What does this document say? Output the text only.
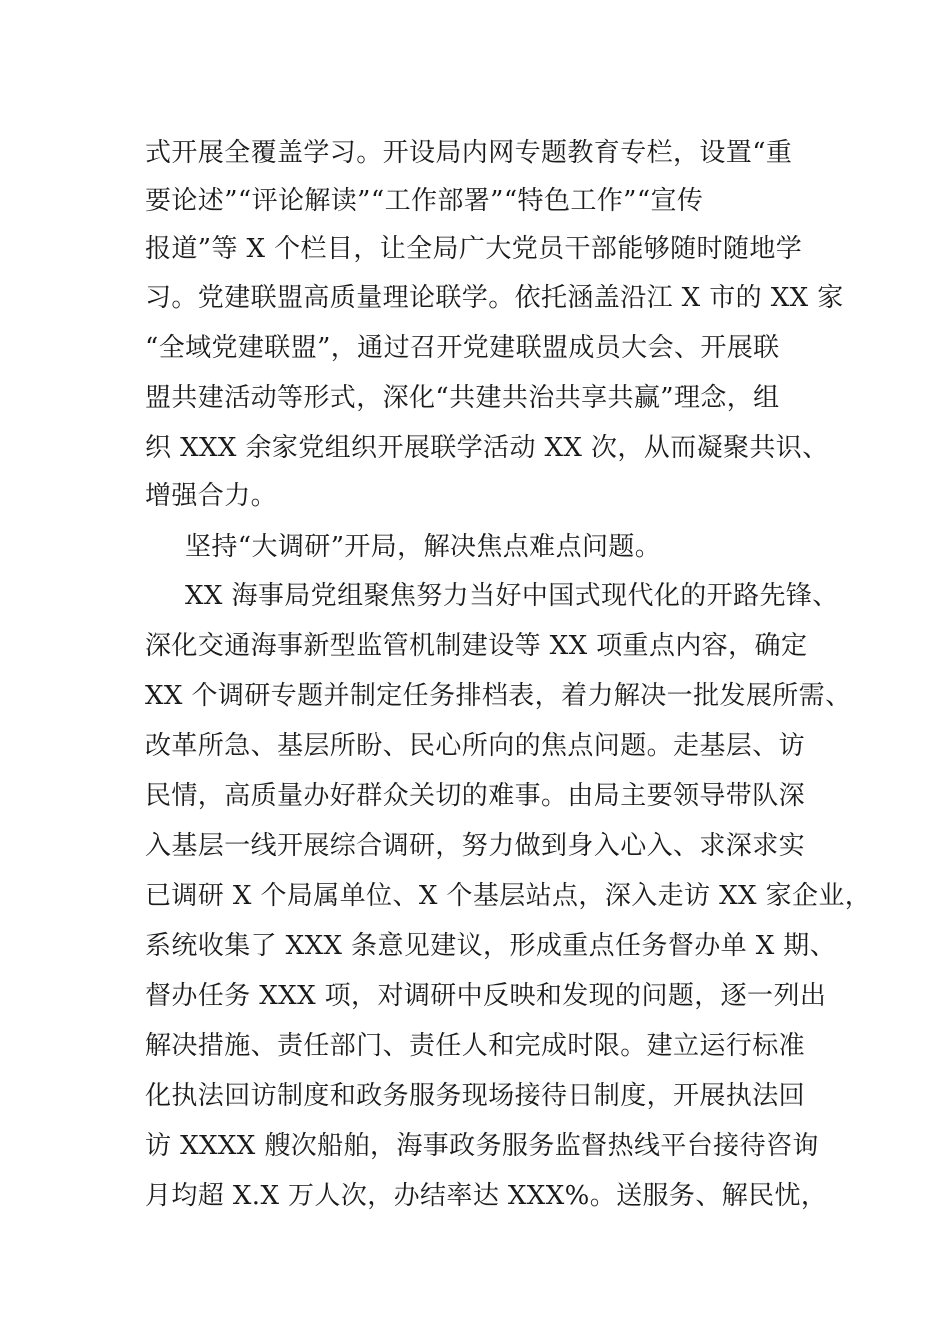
式开展全覆盖学习。开设局内网专题教育专栏，设置“重
要论述”“评论解读”“工作部署”“特色工作”“宣传
报道”等 X 个栏目，让全局广大党员干部能够随时随地学
习。党建联盟高质量理论联学。依托涵盖沿江 X 市的 XX 家
“全域党建联盟”，通过召开党建联盟成员大会、开展联
盟共建活动等形式，深化“共建共治共享共赢”理念，组
织 XXX 余家党组织开展联学活动 XX 次，从而凝聚共识、
增强合力。
坚持“大调研”开局，解决焦点难点问题。
XX 海事局党组聚焦努力当好中国式现代化的开路先锋、
深化交通海事新型监管机制建设等 XX 项重点内容，确定
XX 个调研专题并制定任务排档表，着力解决一批发展所需、
改革所急、基层所盼、民心所向的焦点问题。走基层、访
民情，高质量办好群众关切的难事。由局主要领导带队深
入基层一线开展综合调研，努力做到身入心入、求深求实
已调研 X 个局属单位、X 个基层站点，深入走访 XX 家企业，
系统收集了 XXX 条意见建议，形成重点任务督办单 X 期、
督办任务 XXX 项，对调研中反映和发现的问题，逐一列出
解决措施、责任部门、责任人和完成时限。建立运行标准
化执法回访制度和政务服务现场接待日制度，开展执法回
访 XXXX 艘次船舶，海事政务服务监督热线平台接待咨询
月均超 X.X 万人次，办结率达 XXX%。送服务、解民忧，
